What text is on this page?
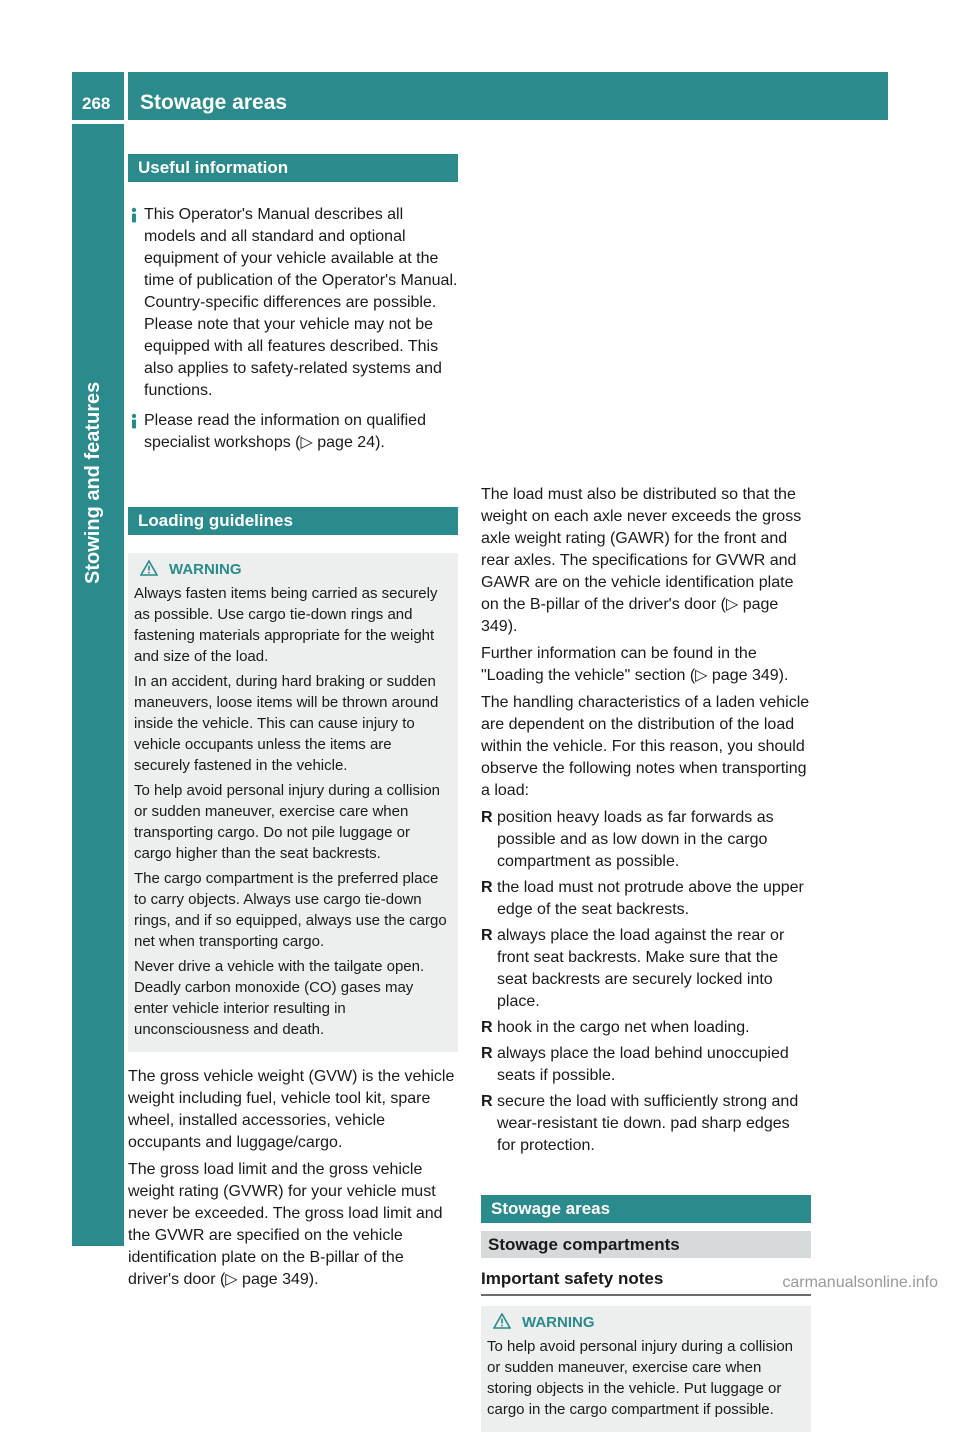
268 Stowage areas
Stowing and features
Useful information
This Operator's Manual describes all models and all standard and optional equipment of your vehicle available at the time of publication of the Operator's Manual. Country-specific differences are possible. Please note that your vehicle may not be equipped with all features described. This also applies to safety-related systems and functions.
Please read the information on qualified specialist workshops (▷ page 24).
Loading guidelines
WARNING

Always fasten items being carried as securely as possible. Use cargo tie-down rings and fastening materials appropriate for the weight and size of the load.

In an accident, during hard braking or sudden maneuvers, loose items will be thrown around inside the vehicle. This can cause injury to vehicle occupants unless the items are securely fastened in the vehicle.

To help avoid personal injury during a collision or sudden maneuver, exercise care when transporting cargo. Do not pile luggage or cargo higher than the seat backrests.

The cargo compartment is the preferred place to carry objects. Always use cargo tie-down rings, and if so equipped, always use the cargo net when transporting cargo.

Never drive a vehicle with the tailgate open. Deadly carbon monoxide (CO) gases may enter vehicle interior resulting in unconsciousness and death.

The gross vehicle weight (GVW) is the vehicle weight including fuel, vehicle tool kit, spare wheel, installed accessories, vehicle occupants and luggage/cargo.

The gross load limit and the gross vehicle weight rating (GVWR) for your vehicle must never be exceeded. The gross load limit and the GVWR are specified on the vehicle identification plate on the B-pillar of the driver's door (▷ page 349).

The load must also be distributed so that the weight on each axle never exceeds the gross axle weight rating (GAWR) for the front and rear axles. The specifications for GVWR and GAWR are on the vehicle identification plate on the B-pillar of the driver's door (▷ page 349).

Further information can be found in the "Loading the vehicle" section (▷ page 349).

The handling characteristics of a laden vehicle are dependent on the distribution of the load within the vehicle. For this reason, you should observe the following notes when transporting a load:

R position heavy loads as far forwards as possible and as low down in the cargo compartment as possible.
R the load must not protrude above the upper edge of the seat backrests.
R always place the load against the rear or front seat backrests. Make sure that the seat backrests are securely locked into place.
R hook in the cargo net when loading.
R always place the load behind unoccupied seats if possible.
R secure the load with sufficiently strong and wear-resistant tie down. pad sharp edges for protection.
Stowage areas
Stowage compartments
Important safety notes
WARNING

To help avoid personal injury during a collision or sudden maneuver, exercise care when storing objects in the vehicle. Put luggage or cargo in the cargo compartment if possible.

carmanualsonline.info
